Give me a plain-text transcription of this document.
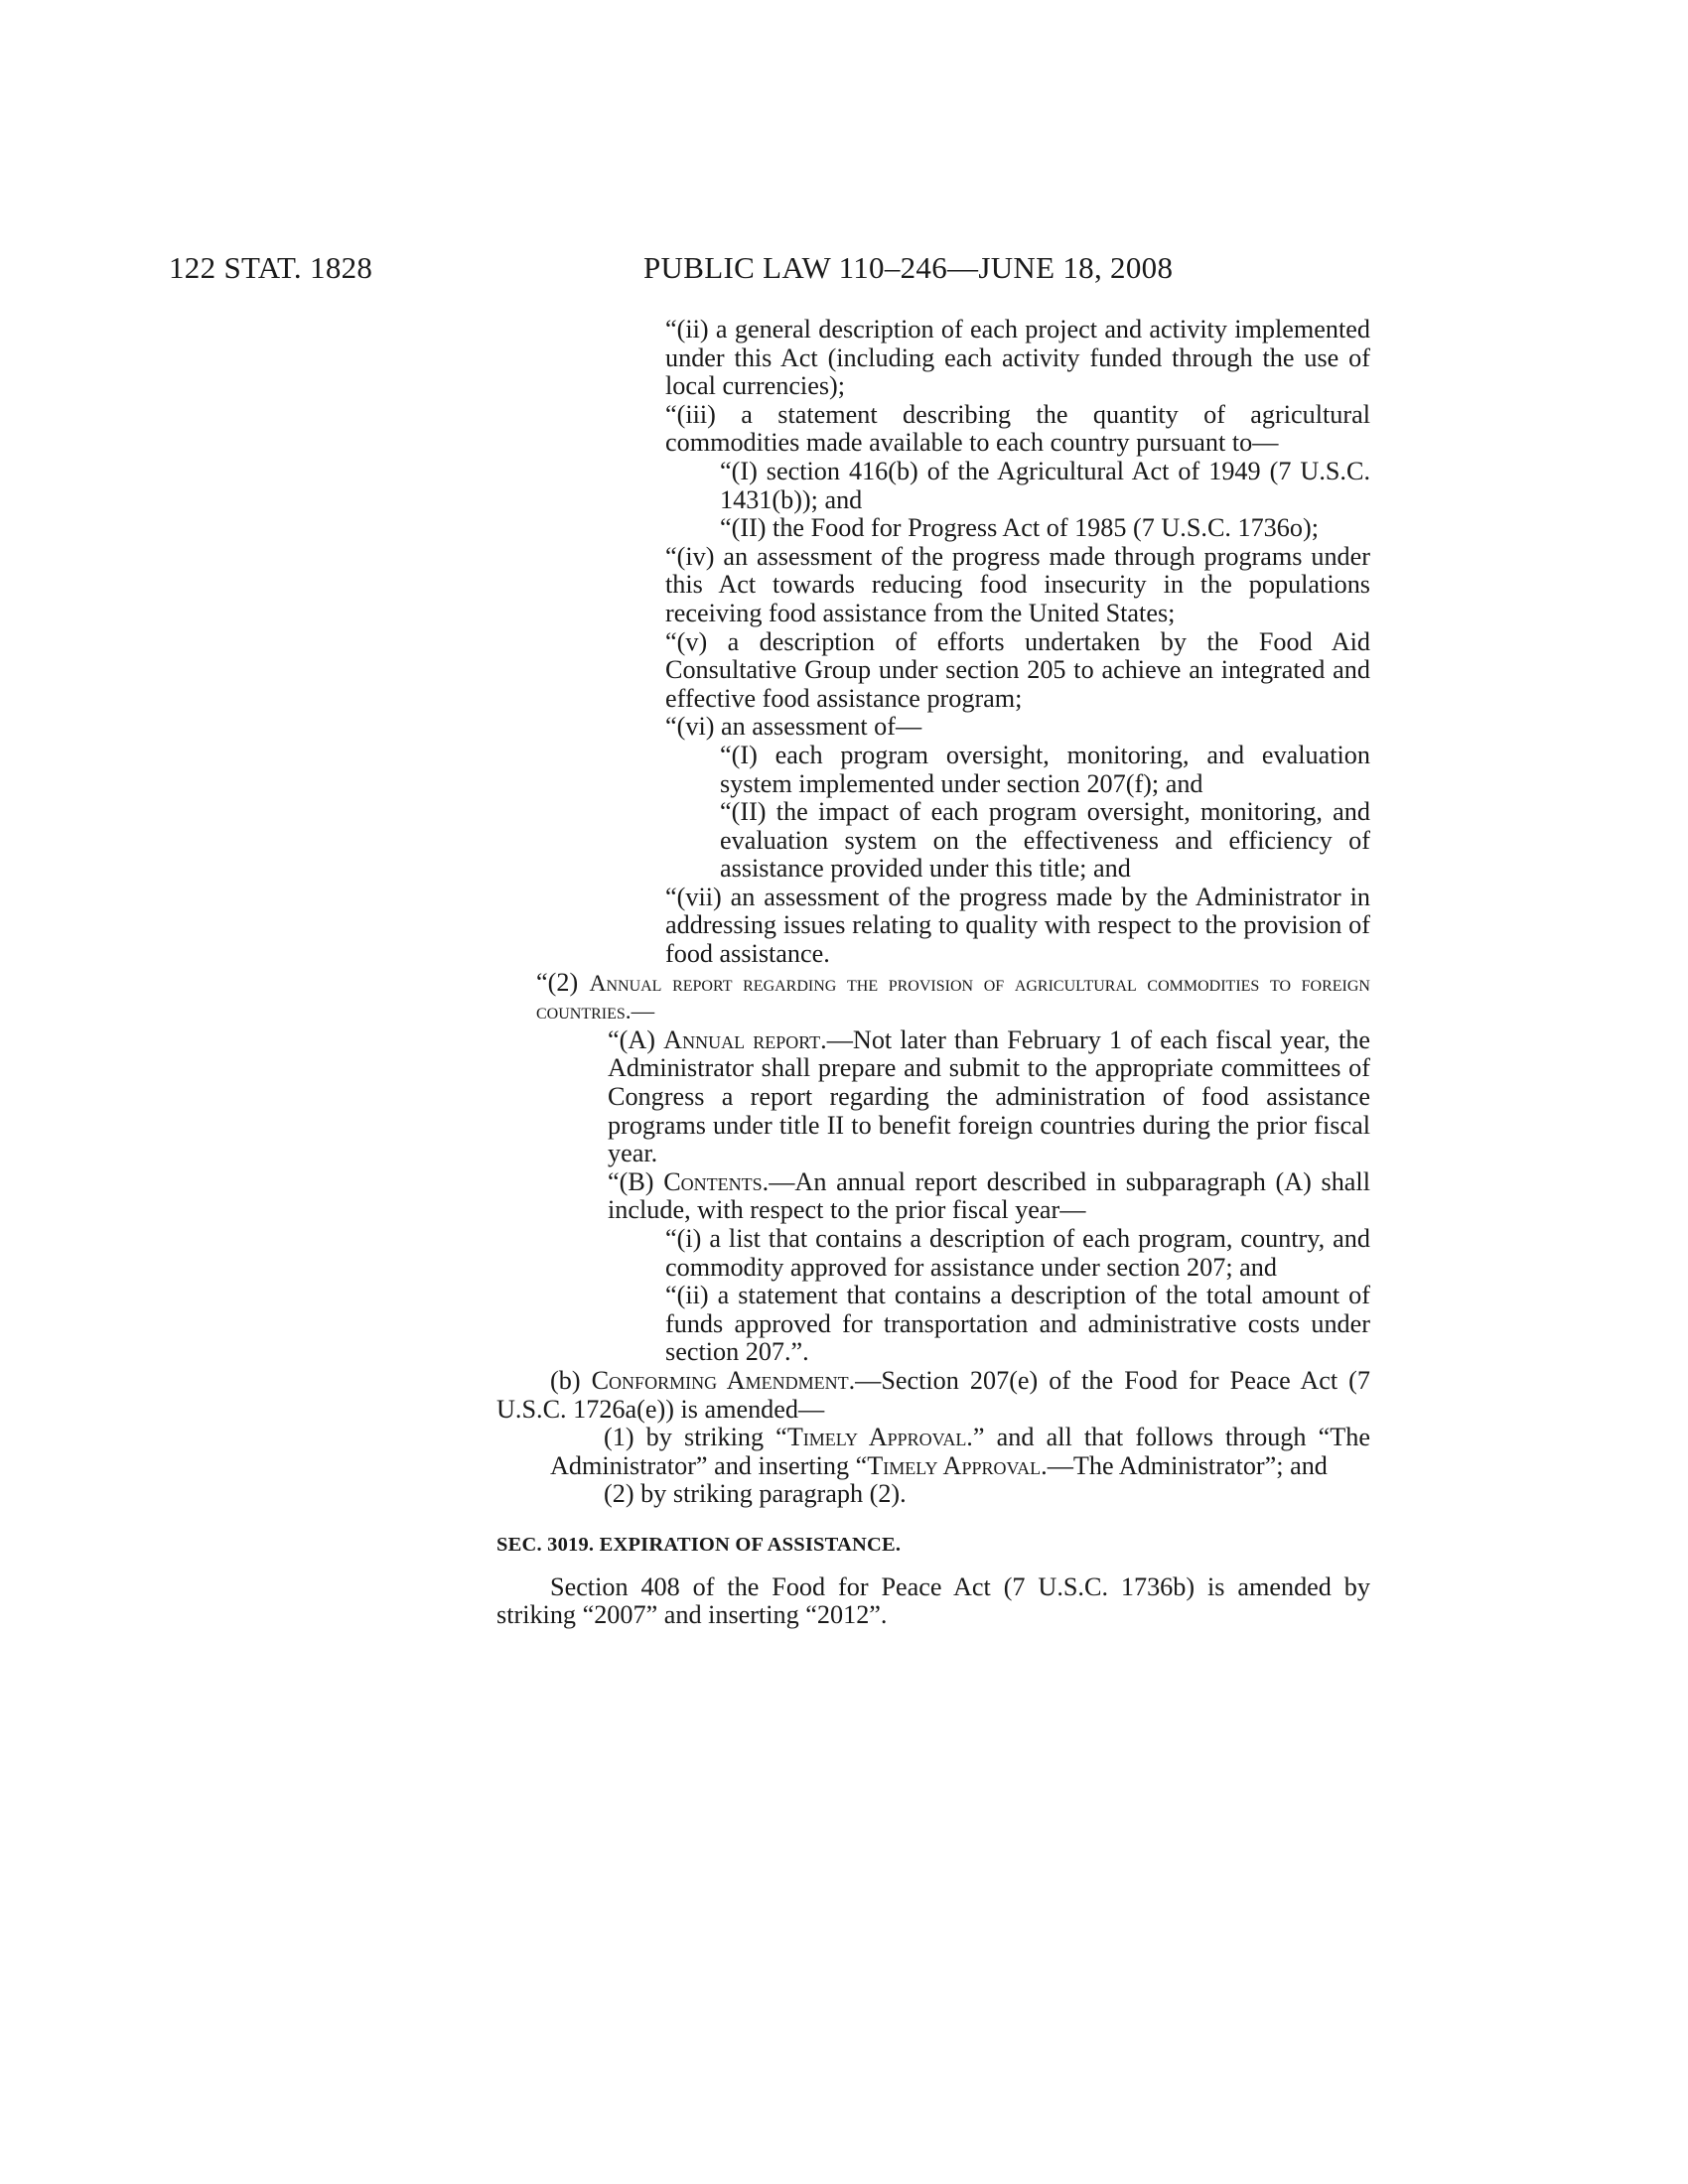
122 STAT. 1828	PUBLIC LAW 110–246—JUNE 18, 2008

“(ii) a general description of each project and activity implemented under this Act (including each activity funded through the use of local currencies);

“(iii) a statement describing the quantity of agricultural commodities made available to each country pursuant to—

“(I) section 416(b) of the Agricultural Act of 1949 (7 U.S.C. 1431(b)); and

“(II) the Food for Progress Act of 1985 (7 U.S.C. 1736o);

“(iv) an assessment of the progress made through programs under this Act towards reducing food insecurity in the populations receiving food assistance from the United States;

“(v) a description of efforts undertaken by the Food Aid Consultative Group under section 205 to achieve an integrated and effective food assistance program;

“(vi) an assessment of—

“(I) each program oversight, monitoring, and evaluation system implemented under section 207(f); and

“(II) the impact of each program oversight, monitoring, and evaluation system on the effectiveness and efficiency of assistance provided under this title; and

“(vii) an assessment of the progress made by the Administrator in addressing issues relating to quality with respect to the provision of food assistance.

“(2) Annual report regarding the provision of agricultural commodities to foreign countries.—

“(A) Annual report.—Not later than February 1 of each fiscal year, the Administrator shall prepare and submit to the appropriate committees of Congress a report regarding the administration of food assistance programs under title II to benefit foreign countries during the prior fiscal year.

“(B) Contents.—An annual report described in subparagraph (A) shall include, with respect to the prior fiscal year—

“(i) a list that contains a description of each program, country, and commodity approved for assistance under section 207; and

“(ii) a statement that contains a description of the total amount of funds approved for transportation and administrative costs under section 207.”.

(b) Conforming Amendment.—Section 207(e) of the Food for Peace Act (7 U.S.C. 1726a(e)) is amended—

(1) by striking “Timely Approval.” and all that follows through “The Administrator” and inserting “Timely Approval.—The Administrator”; and

(2) by striking paragraph (2).

SEC. 3019. EXPIRATION OF ASSISTANCE.

Section 408 of the Food for Peace Act (7 U.S.C. 1736b) is amended by striking “2007” and inserting “2012”.
